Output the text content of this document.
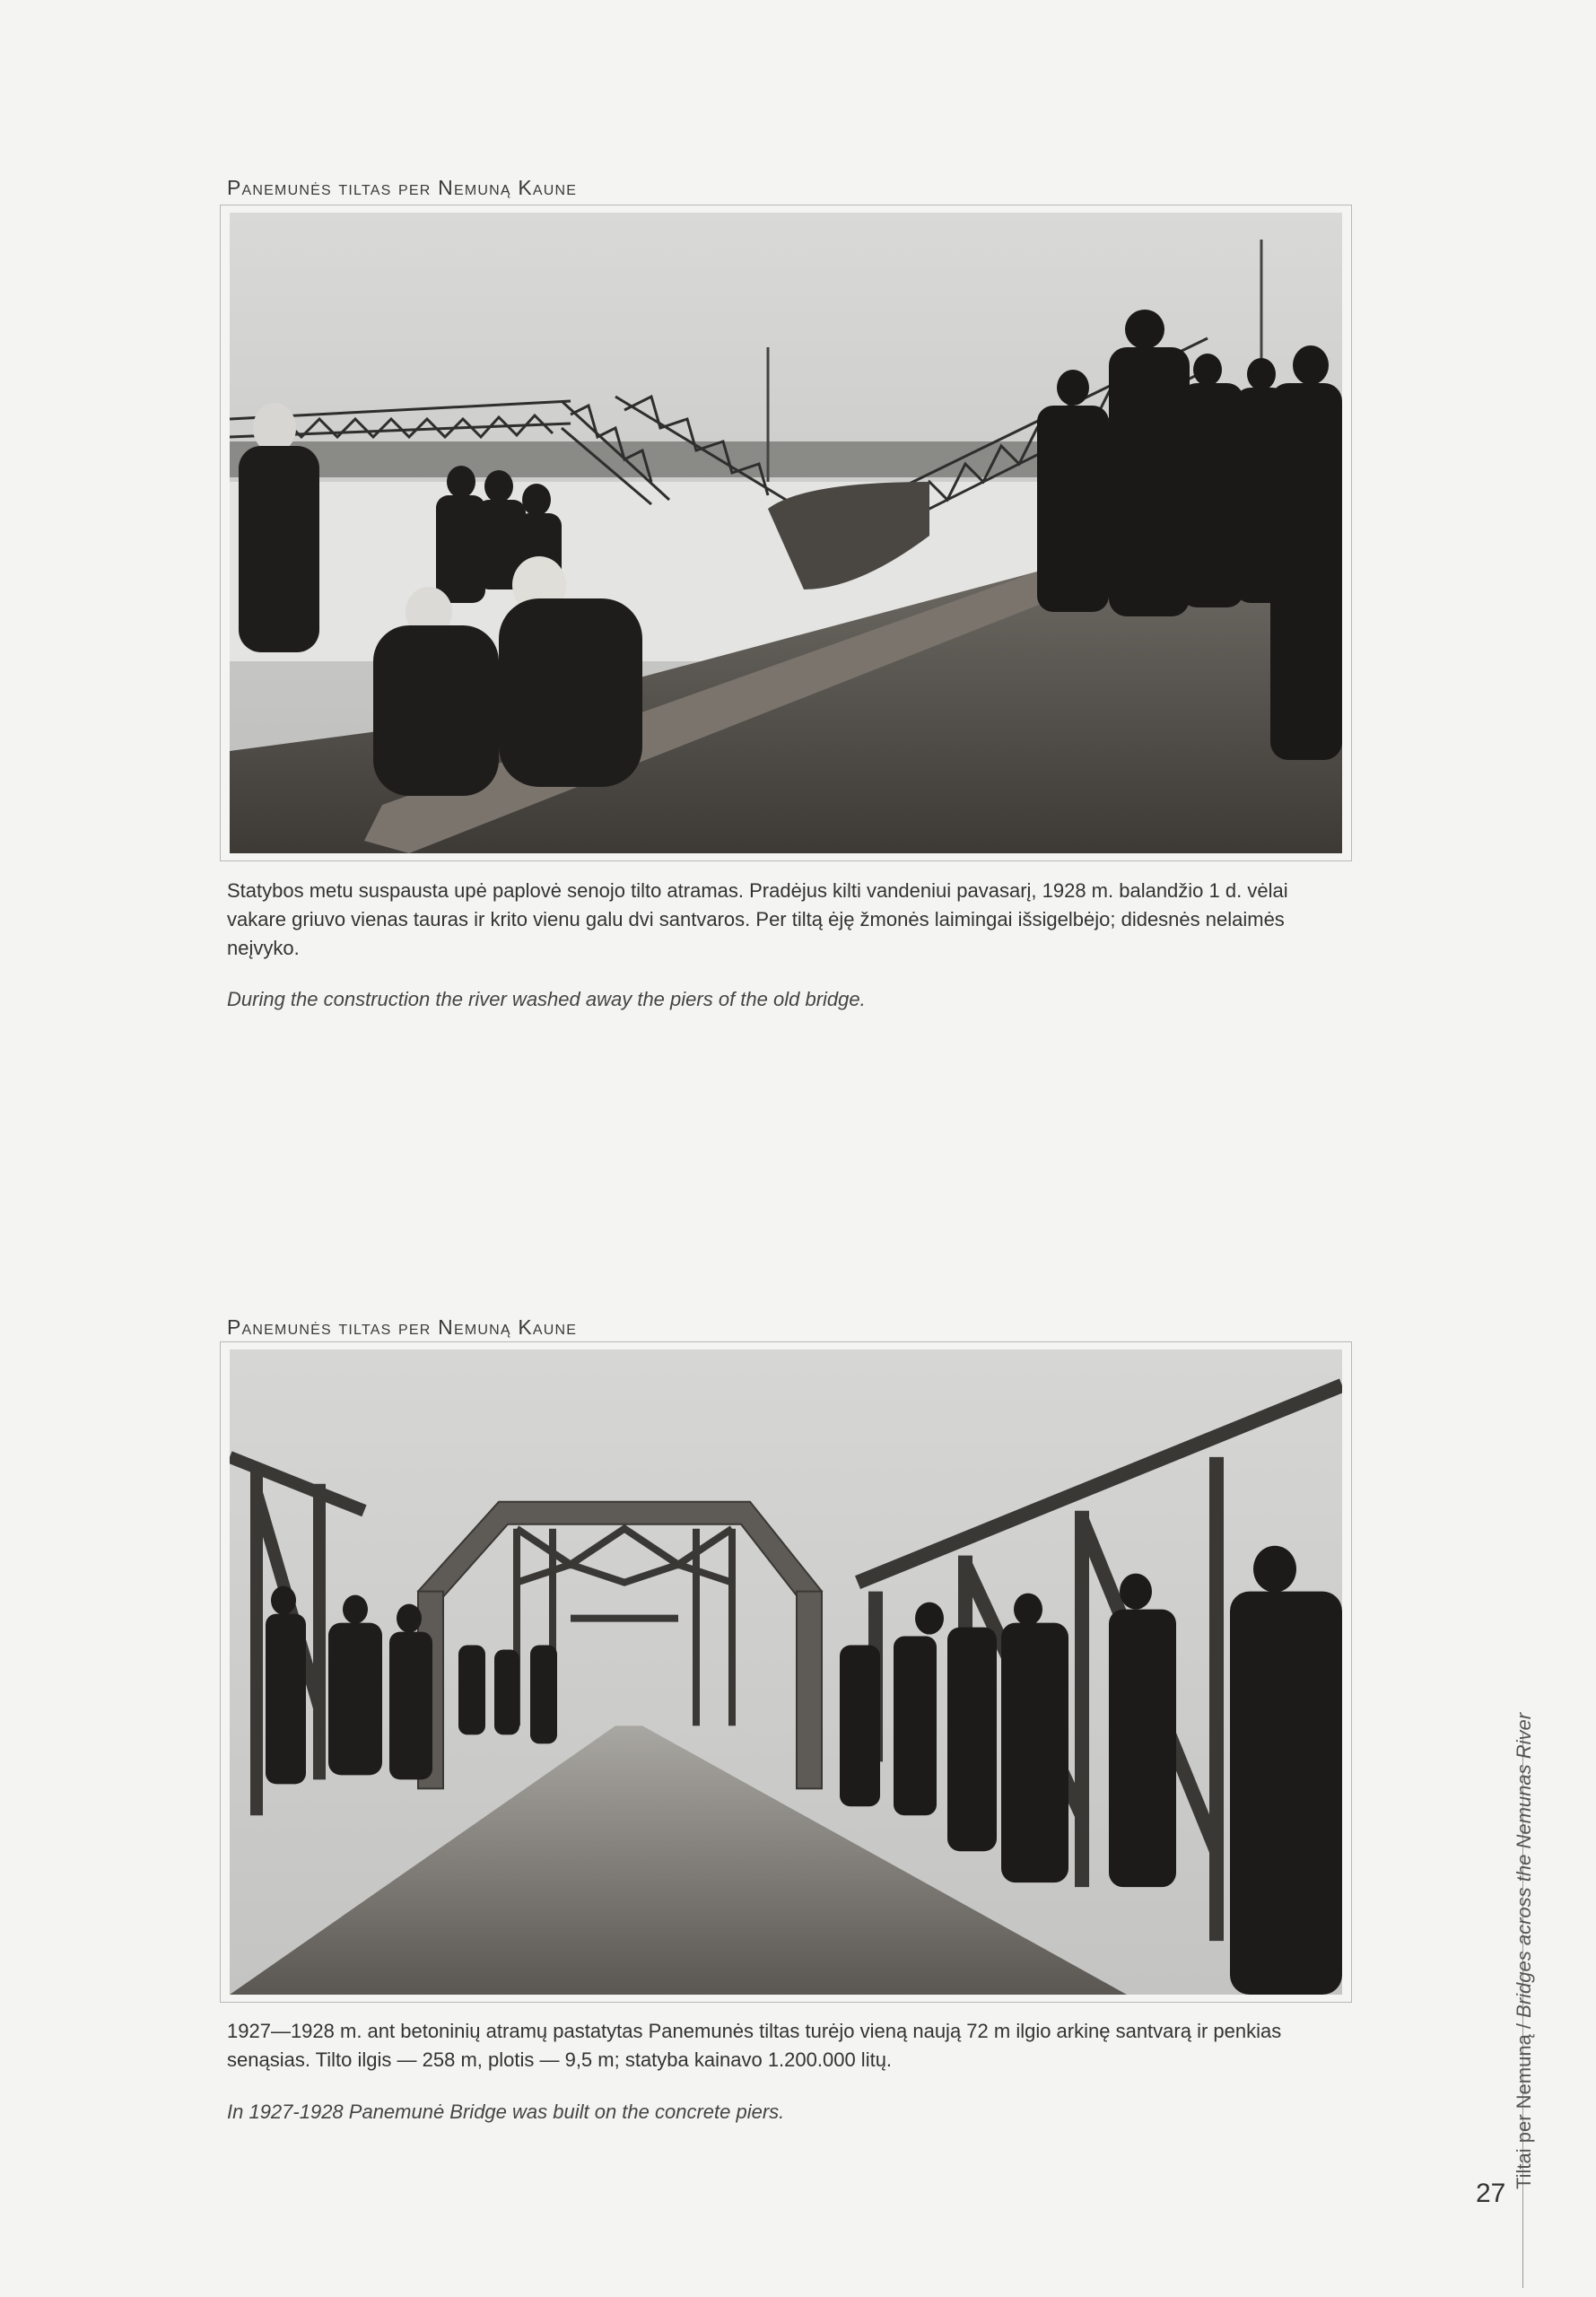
Panemunės tiltas per Nemuną Kaune
Statybos metu suspausta upė paplovė senojo tilto atramas. Pradėjus kilti vandeniui pavasarį, 1928 m. balandžio 1 d. vėlai vakare griuvo vienas tauras ir krito vienu galu dvi santvaros. Per tiltą ėję žmonės laimingai išsigelbėjo; didesnės nelaimės neįvyko.
During the construction the river washed away the piers of the old bridge.
Panemunės tiltas per Nemuną Kaune
1927—1928 m. ant betoninių atramų pastatytas Panemunės tiltas turėjo vieną naują 72 m ilgio arkinę santvarą ir penkias senąsias. Tilto ilgis — 258 m, plotis — 9,5 m; statyba kainavo 1.200.000 litų.
In 1927-1928 Panemunė Bridge was built on the concrete piers.	Tiltai per Nemuną / Bridges across the Nemunas River
27
